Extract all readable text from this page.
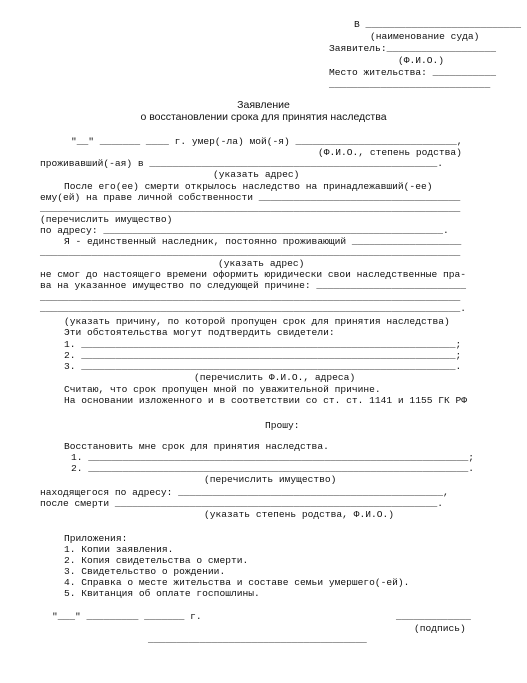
В ___________________________
(наименование суда)
Заявитель:___________________
(Ф.И.О.)
Место жительства: ___________
____________________________
Заявление
о восстановлении срока для принятия наследства
"__" _______ ____ г. умер(-ла) мой(-я) ____________________________,
(Ф.И.О., степень родства)
проживавший(-ая) в __________________________________________________.
(указать адрес)
После его(ее) смерти открылось наследство на принадлежавший(-ее)
ему(ей) на праве личной собственности ___________________________________
_________________________________________________________________________
(перечислить имущество)
по адресу: ___________________________________________________________.
Я - единственный наследник, постоянно проживающий ___________________
_________________________________________________________________________
(указать адрес)
не смог до настоящего времени оформить юридически свои наследственные пра-
ва на указанное имущество по следующей причине: __________________________
_________________________________________________________________________
_________________________________________________________________________.
(указать причину, по которой пропущен срок для принятия наследства)
Эти обстоятельства могут подтвердить свидетели:
1. _________________________________________________________________;
2. _________________________________________________________________;
3. _________________________________________________________________.
(перечислить Ф.И.О., адреса)
Считаю, что срок пропущен мной по уважительной причине.
На основании изложенного и в соответствии со ст. ст. 1141 и 1155 ГК РФ
Прошу:
Восстановить мне срок для принятия наследства.
1. __________________________________________________________________;
2. __________________________________________________________________.
(перечислить имущество)
находящегося по адресу: ______________________________________________,
после смерти ________________________________________________________.
(указать степень родства, Ф.И.О.)
Приложения:
1. Копии заявления.
2. Копия свидетельства о смерти.
3. Свидетельство о рождении.
4. Справка о месте жительства и составе семьи умершего(-ей).
5. Квитанция об оплате госпошлины.
"___" _________ _______ г.	_____________
(подпись)
______________________________________
